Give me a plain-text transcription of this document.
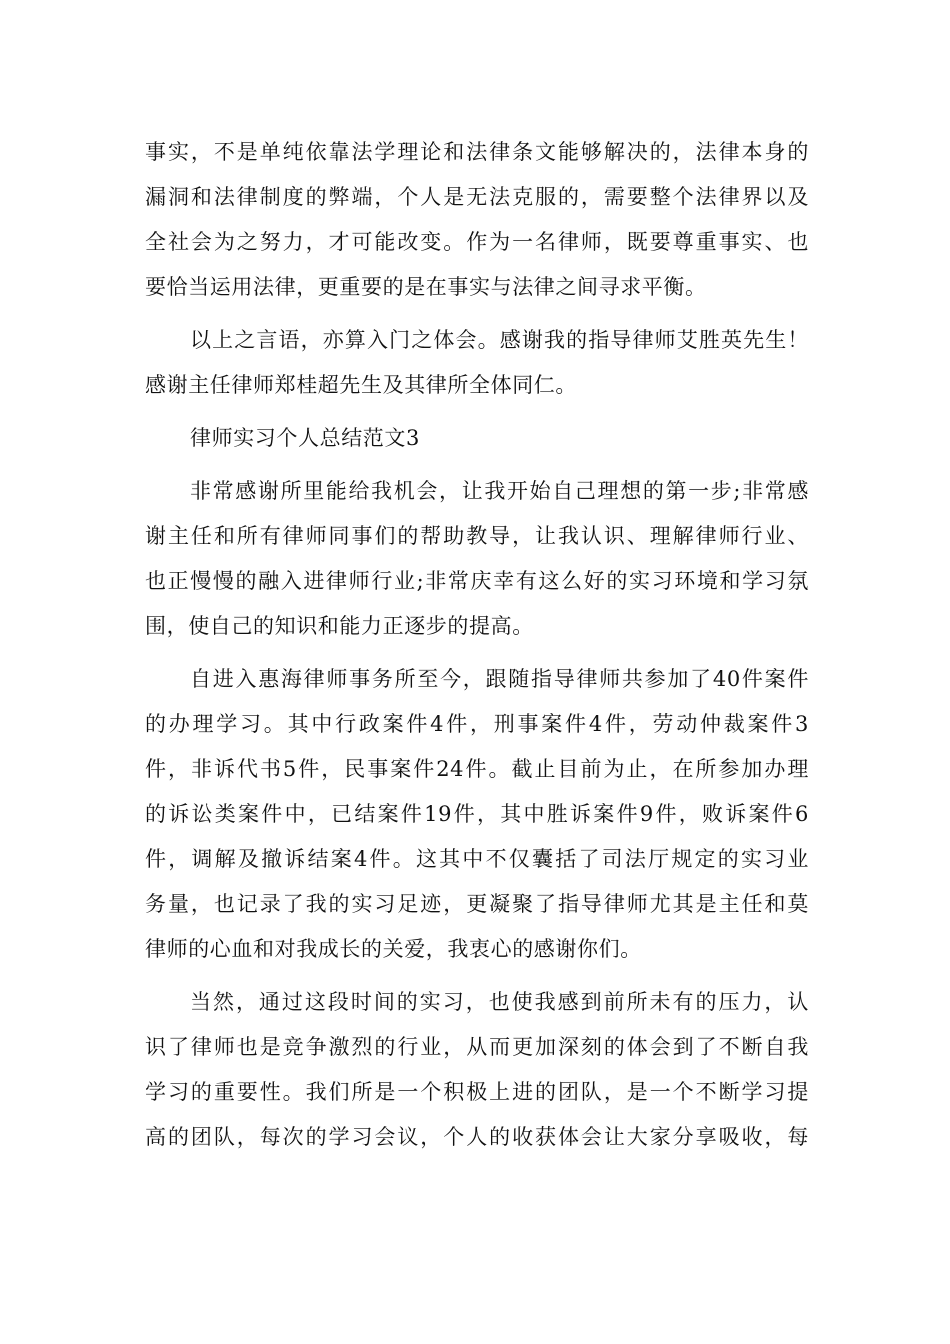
事实，不是单纯依靠法学理论和法律条文能够解决的，法律本身的
漏洞和法律制度的弊端，个人是无法克服的，需要整个法律界以及
全社会为之努力，才可能改变。作为一名律师，既要尊重事实、也
要恰当运用法律，更重要的是在事实与法律之间寻求平衡。
以上之言语，亦算入门之体会。感谢我的指导律师艾胜英先生！
感谢主任律师郑桂超先生及其律所全体同仁。
律师实习个人总结范文3
非常感谢所里能给我机会，让我开始自己理想的第一步;非常感
谢主任和所有律师同事们的帮助教导，让我认识、理解律师行业、
也正慢慢的融入进律师行业;非常庆幸有这么好的实习环境和学习氛
围，使自己的知识和能力正逐步的提高。
自进入惠海律师事务所至今，跟随指导律师共参加了40件案件
的办理学习。其中行政案件4件，刑事案件4件，劳动仲裁案件3
件，非诉代书5件，民事案件24件。截止目前为止，在所参加办理
的诉讼类案件中，已结案件19件，其中胜诉案件9件，败诉案件6
件，调解及撤诉结案4件。这其中不仅囊括了司法厅规定的实习业
务量，也记录了我的实习足迹，更凝聚了指导律师尤其是主任和莫
律师的心血和对我成长的关爱，我衷心的感谢你们。
当然，通过这段时间的实习，也使我感到前所未有的压力，认
识了律师也是竞争激烈的行业，从而更加深刻的体会到了不断自我
学习的重要性。我们所是一个积极上进的团队，是一个不断学习提
高的团队，每次的学习会议，个人的收获体会让大家分享吸收，每
